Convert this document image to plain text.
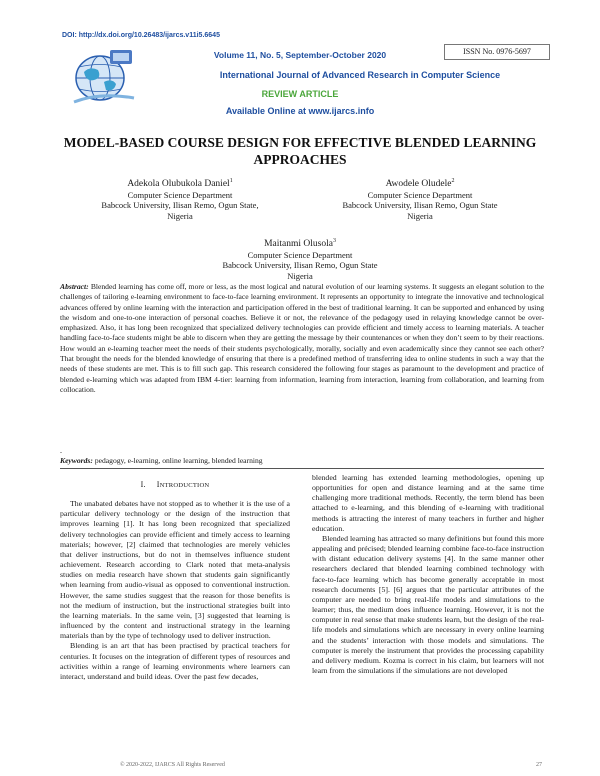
DOI: http://dx.doi.org/10.26483/ijarcs.v11i5.6645
Volume 11, No. 5, September-October 2020	ISSN No. 0976-5697
International Journal of Advanced Research in Computer Science
REVIEW ARTICLE
Available Online at www.ijarcs.info
MODEL-BASED COURSE DESIGN FOR EFFECTIVE BLENDED LEARNING
APPROACHES
Adekola Olubukola Daniel$^1$
Computer Science Department
Babcock University, Ilisan Remo, Ogun State,
Nigeria
Awodele Oludele$^2$
Computer Science Department
Babcock University, Ilisan Remo, Ogun State
Nigeria
Maitanmi Olusola$^3$
Computer Science Department
Babcock University, Ilisan Remo, Ogun State
Nigeria
Abstract: Blended learning has come off, more or less, as the most logical and natural evolution of our learning systems. It suggests an elegant solution to the challenges of tailoring e-learning environment to face-to-face learning environment. It represents an opportunity to integrate the innovative and technological advances offered by online learning with the interaction and participation offered in the best of traditional learning. It can be supported and enhanced by using the wisdom and one-to-one interaction of personal coaches. Believe it or not, the relevance of the pedagogy used in relaying knowledge cannot be over-emphasized. Also, it has long been recognized that specialized delivery technologies can provide efficient and timely access to learning materials. A teacher handling face-to-face students might be able to discern when they are getting the message by their countenances or when they don’t seem to by their reactions. How would an e-learning teacher meet the needs of their students psychologically, morally, socially and even academically since they cannot see each other? That brought the needs for the blended knowledge of ensuring that there is a predefined method of transferring idea to online students in such a way that the needs of these students are met. This is to fill such gap. This research considered the following four stages as paramount to the development and practice of blended e-learning which was adapted from IBM 4-tier: learning from information, learning from interaction, learning from collaboration, and learning from collocation.
.
Keywords: pedagogy, e-learning, online learning, blended learning
I. INTRODUCTION

The unabated debates have not stopped as to whether it is the use of a particular delivery technology or the design of the instruction that improves learning [1]. It has long been recognized that specialized delivery technologies can provide efficient and timely access to learning materials; however, [2] claimed that technologies are merely vehicles that deliver instructions, but do not in themselves influence student achievement. Research according to Clark noted that meta-analysis studies on media research have shown that students gain significantly when learning from audio-visual as opposed to conventional instruction. However, the same studies suggest that the reason for those benefits is not the medium of instruction, but the instructional strategies built into the learning materials. In the same vein, [3] suggested that learning is influenced by the content and instructional strategy in the learning materials than by the type of technology used to deliver instruction.

Blending is an art that has been practised by practical teachers for centuries. It focuses on the integration of different types of resources and activities within a range of learning environments where learners can interact, understand and build ideas. Over the past few decades,

blended learning has extended learning methodologies, opening up opportunities for open and distance learning and at the same time challenging more traditional methods. Recently, the term blend has been attached to e-learning, and this blending of e-learning with traditional methods is attracting the interest of many teachers in further and higher education.

Blended learning has attracted so many definitions but found this more appealing and précised; blended learning combine face-to-face instruction with distant education delivery systems [4]. In the same manner other researchers declared that blended learning combined technology with face-to-face learning which has become generally acceptable in most research documents [5]. [6] argues that the particular attributes of the computer are needed to bring real-life models and simulations to the learner; thus, the medium does influence learning. However, it is not the computer in real sense that make students learn, but the design of the real-life models and simulations which are necessary in every online learning and the students’ interaction with those models and simulations. The computer is merely the instrument that provides the processing capability and delivery medium. Kozma is correct in his claim, but learners will not learn from the simulations if the simulations are not developed

© 2020-2022, IJARCS All Rights Reserved	27
